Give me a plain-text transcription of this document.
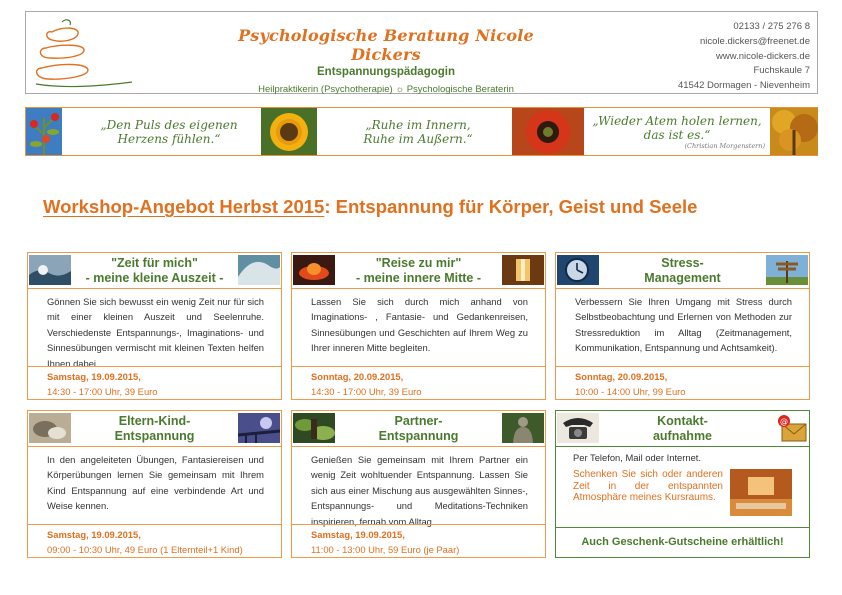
Psychologische Beratung Nicole Dickers
Entspannungspädagogin
Heilpraktikerin (Psychotherapie) ☼ Psychologische Beraterin
02133 / 275 276 8
nicole.dickers@freenet.de
www.nicole-dickers.de
Fuchskaule 7
41542 Dormagen - Nievenheim
„Den Puls des eigenen
Herzens fühlen.“
„Ruhe im Innern,
Ruhe im Außern.“
„Wieder Atem holen lernen,
das ist es.“
(Christian Morgenstern)
Workshop-Angebot Herbst 2015: Entspannung für Körper, Geist und Seele
"Zeit für mich"
- meine kleine Auszeit -
Gönnen Sie sich bewusst ein wenig Zeit nur für sich mit einer kleinen Auszeit und Seelenruhe. Verschiedenste Entspannungs-, Imaginations- und Sinnesübungen vermischt mit kleinen Texten helfen Ihnen dabei.
Samstag, 19.09.2015,
14:30 - 17:00 Uhr, 39 Euro
"Reise zu mir"
- meine innere Mitte -
Lassen Sie sich durch mich anhand von Imaginations- , Fantasie- und Gedankenreisen, Sinnesübungen und Geschichten auf Ihrem Weg zu Ihrer inneren Mitte begleiten.
Sonntag, 20.09.2015,
14:30 - 17:00 Uhr, 39 Euro
Stress-
Management
Verbessern Sie Ihren Umgang mit Stress durch Selbstbeobachtung und Erlernen von Methoden zur Stressreduktion im Alltag (Zeitmanagement, Kommunikation, Entspannung und Achtsamkeit).
Sonntag, 20.09.2015,
10:00 - 14:00 Uhr, 99 Euro
Eltern-Kind-
Entspannung
In den angeleiteten Übungen, Fantasiereisen und Körperübungen lernen Sie gemeinsam mit Ihrem Kind Entspannung auf eine verbindende Art und Weise kennen.
Samstag, 19.09.2015,
09:00 - 10:30 Uhr, 49 Euro (1 Elternteil+1 Kind)
Partner-
Entspannung
Genießen Sie gemeinsam mit Ihrem Partner ein wenig Zeit wohltuender Entspannung. Lassen Sie sich aus einer Mischung aus ausgewählten Sinnes-, Entspannungs- und Meditations-Techniken inspirieren, fernab vom Alltag.
Samstag, 19.09.2015,
11:00 - 13:00 Uhr, 59 Euro (je Paar)
Kontakt-
aufnahme
@
Per Telefon, Mail oder Internet.
Schenken Sie sich oder anderen Zeit in der entspannten Atmosphäre meines Kursraums.
Auch Geschenk-Gutscheine erhältlich!
